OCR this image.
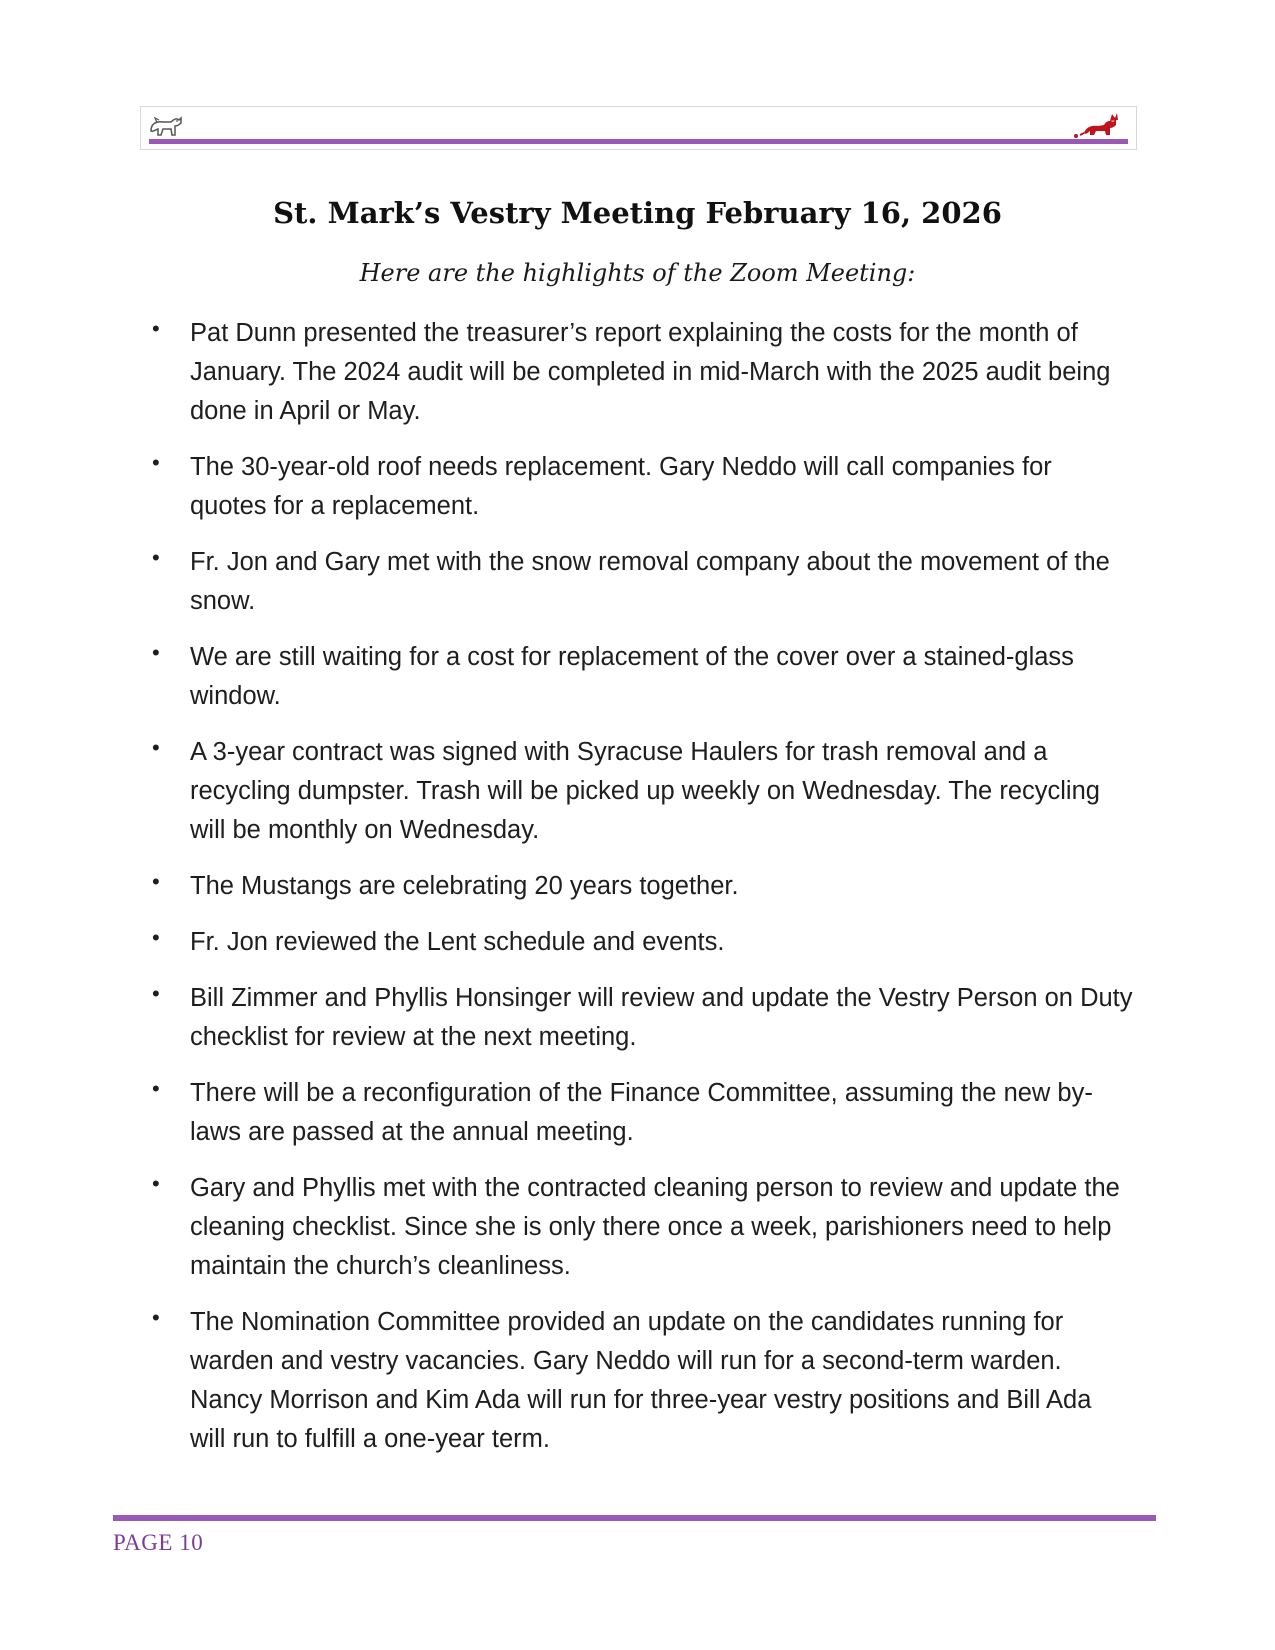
St. Mark’s Vestry Meeting February 16, 2026

Here are the highlights of the Zoom Meeting:

• Pat Dunn presented the treasurer’s report explaining the costs for the month of January. The 2024 audit will be completed in mid-March with the 2025 audit being done in April or May.
• The 30-year-old roof needs replacement. Gary Neddo will call companies for quotes for a replacement.
• Fr. Jon and Gary met with the snow removal company about the movement of the snow.
• We are still waiting for a cost for replacement of the cover over a stained-glass window.
• A 3-year contract was signed with Syracuse Haulers for trash removal and a recycling dumpster. Trash will be picked up weekly on Wednesday. The recycling will be monthly on Wednesday.
• The Mustangs are celebrating 20 years together.
• Fr. Jon reviewed the Lent schedule and events.
• Bill Zimmer and Phyllis Honsinger will review and update the Vestry Person on Duty checklist for review at the next meeting.
• There will be a reconfiguration of the Finance Committee, assuming the new by-laws are passed at the annual meeting.
• Gary and Phyllis met with the contracted cleaning person to review and update the cleaning checklist. Since she is only there once a week, parishioners need to help maintain the church’s cleanliness.
• The Nomination Committee provided an update on the candidates running for warden and vestry vacancies. Gary Neddo will run for a second-term warden. Nancy Morrison and Kim Ada will run for three-year vestry positions and Bill Ada will run to fulfill a one-year term.
PAGE 10
